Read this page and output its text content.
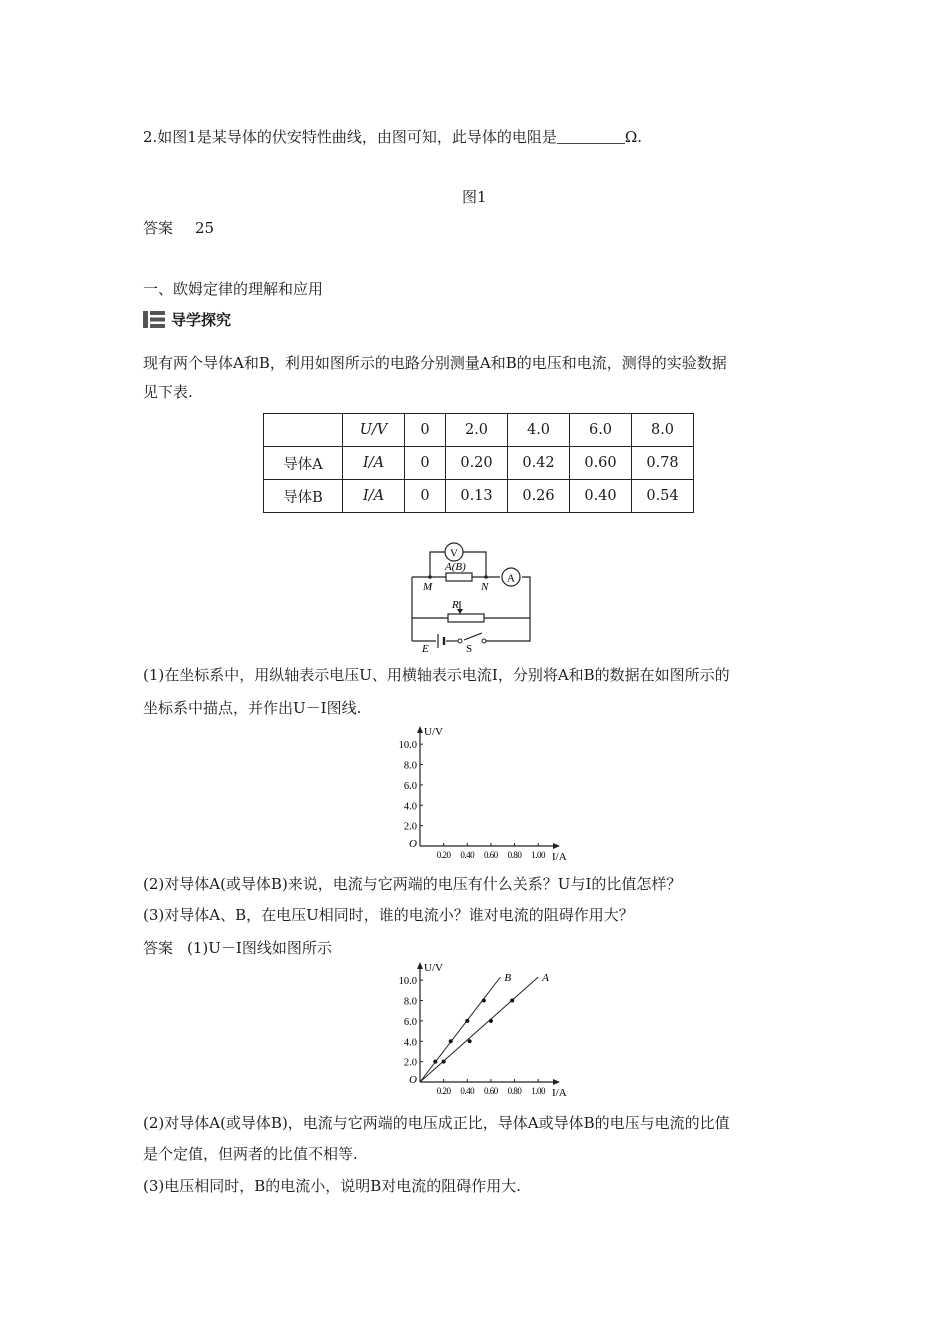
2.如图1是某导体的伏安特性曲线，由图可知，此导体的电阻是	Ω.
图1
答案 25
一、欧姆定律的理解和应用
导学探究
现有两个导体A和B，利用如图所示的电路分别测量A和B的电压和电流，测得的实验数据
见下表.
	U/V	0	2.0	4.0	6.0	8.0
导体A	I/A	0	0.20	0.42	0.60	0.78
导体B	I/A	0	0.13	0.26	0.40	0.54
V
A(B)
M	N
A
R
E	S
(1)在坐标系中，用纵轴表示电压U、用横轴表示电流I，分别将A和B的数据在如图所示的
坐标系中描点，并作出U－I图线.
U/V
I/A
O
2.0
4.0
6.0
8.0
10.0
0.20 0.40 0.60 0.80 1.00
(2)对导体A(或导体B)来说，电流与它两端的电压有什么关系？U与I的比值怎样？
(3)对导体A、B，在电压U相同时，谁的电流小？谁对电流的阻碍作用大？
答案 (1)U－I图线如图所示
U/V
I/A
O
2.0
4.0
6.0
8.0
10.0
0.20 0.40 0.60 0.80 1.00
A
B
(2)对导体A(或导体B)，电流与它两端的电压成正比，导体A或导体B的电压与电流的比值
是个定值，但两者的比值不相等.
(3)电压相同时，B的电流小，说明B对电流的阻碍作用大.
